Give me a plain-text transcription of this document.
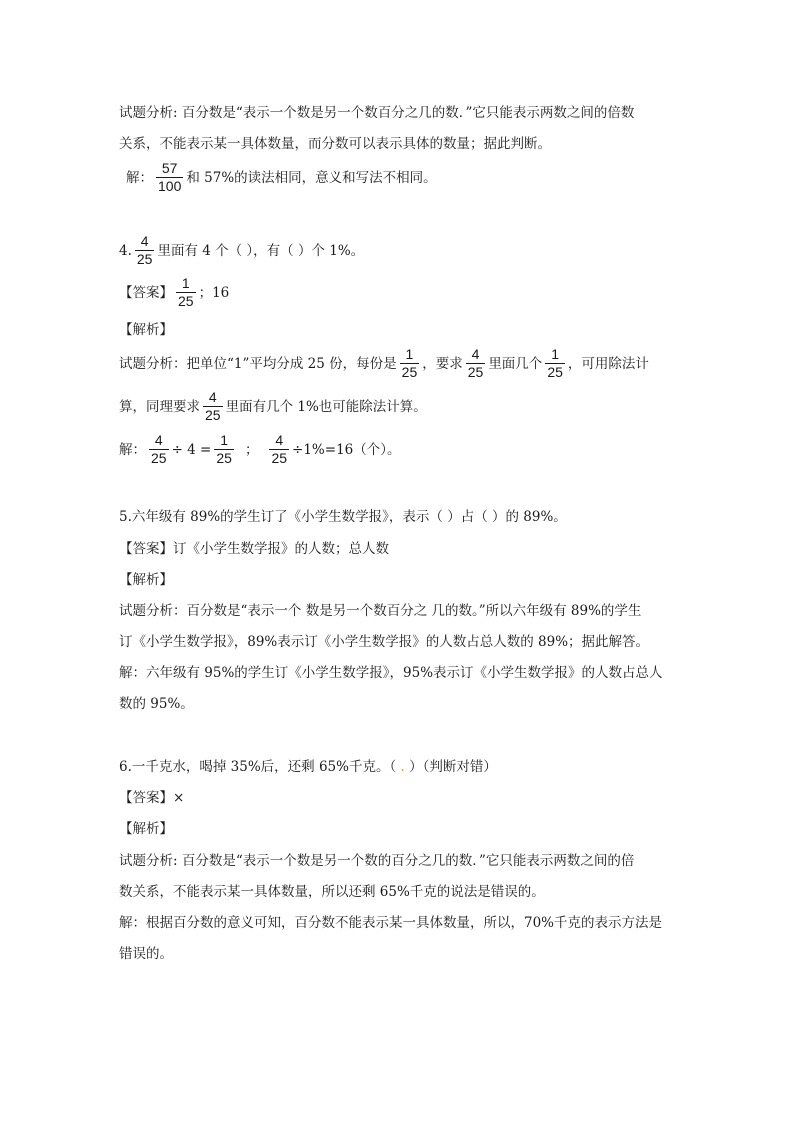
试题分析: 百分数是“表示一个数是另一个数百分之几的数．”它只能表示两数之间的倍数
关系，不能表示某一具体数量，而分数可以表示具体的数量；据此判断。
解： $\frac{57}{100}$ 和 57%的读法相同，意义和写法不相同。
4. $\frac{4}{25}$ 里面有 4 个（ ），有（ ）个 1%。
【答案】 $\frac{1}{25}$ ；16
【解析】
试题分析：把单位“1”平均分成 25 份，每份是 $\frac{1}{25}$ ，要求 $\frac{4}{25}$ 里面几个 $\frac{1}{25}$ ，可用除法计
算，同理要求 $\frac{4}{25}$ 里面有几个 1%也可能除法计算。
解： $\frac{4}{25} \div 4 = \frac{1}{25}$ ； $\frac{4}{25} \div 1\%=16$（个）。
5.六年级有 89%的学生订了《小学生数学报》，表示（ ）占（ ）的 89%。
【答案】订《小学生数学报》的人数；总人数
【解析】
试题分析：百分数是“表示一个 数是另一个数百分之 几的数。”所以六年级有 89%的学生
订《小学生数学报》，89%表示订《小学生数学报》的人数占总人数的 89%；据此解答。
解：六年级有 95%的学生订《小学生数学报》，95%表示订《小学生数学报》的人数占总人
数的 95%。
6.一千克水，喝掉 35%后，还剩 65%千克。（ . ）（判断对错）
【答案】×
【解析】
试题分析: 百分数是“表示一个数是另一个数的百分之几的数．”它只能表示两数之间的倍
数关系，不能表示某一具体数量，所以还剩 65%千克的说法是错误的。
解：根据百分数的意义可知，百分数不能表示某一具体数量，所以，70%千克的表示方法是
错误的。
